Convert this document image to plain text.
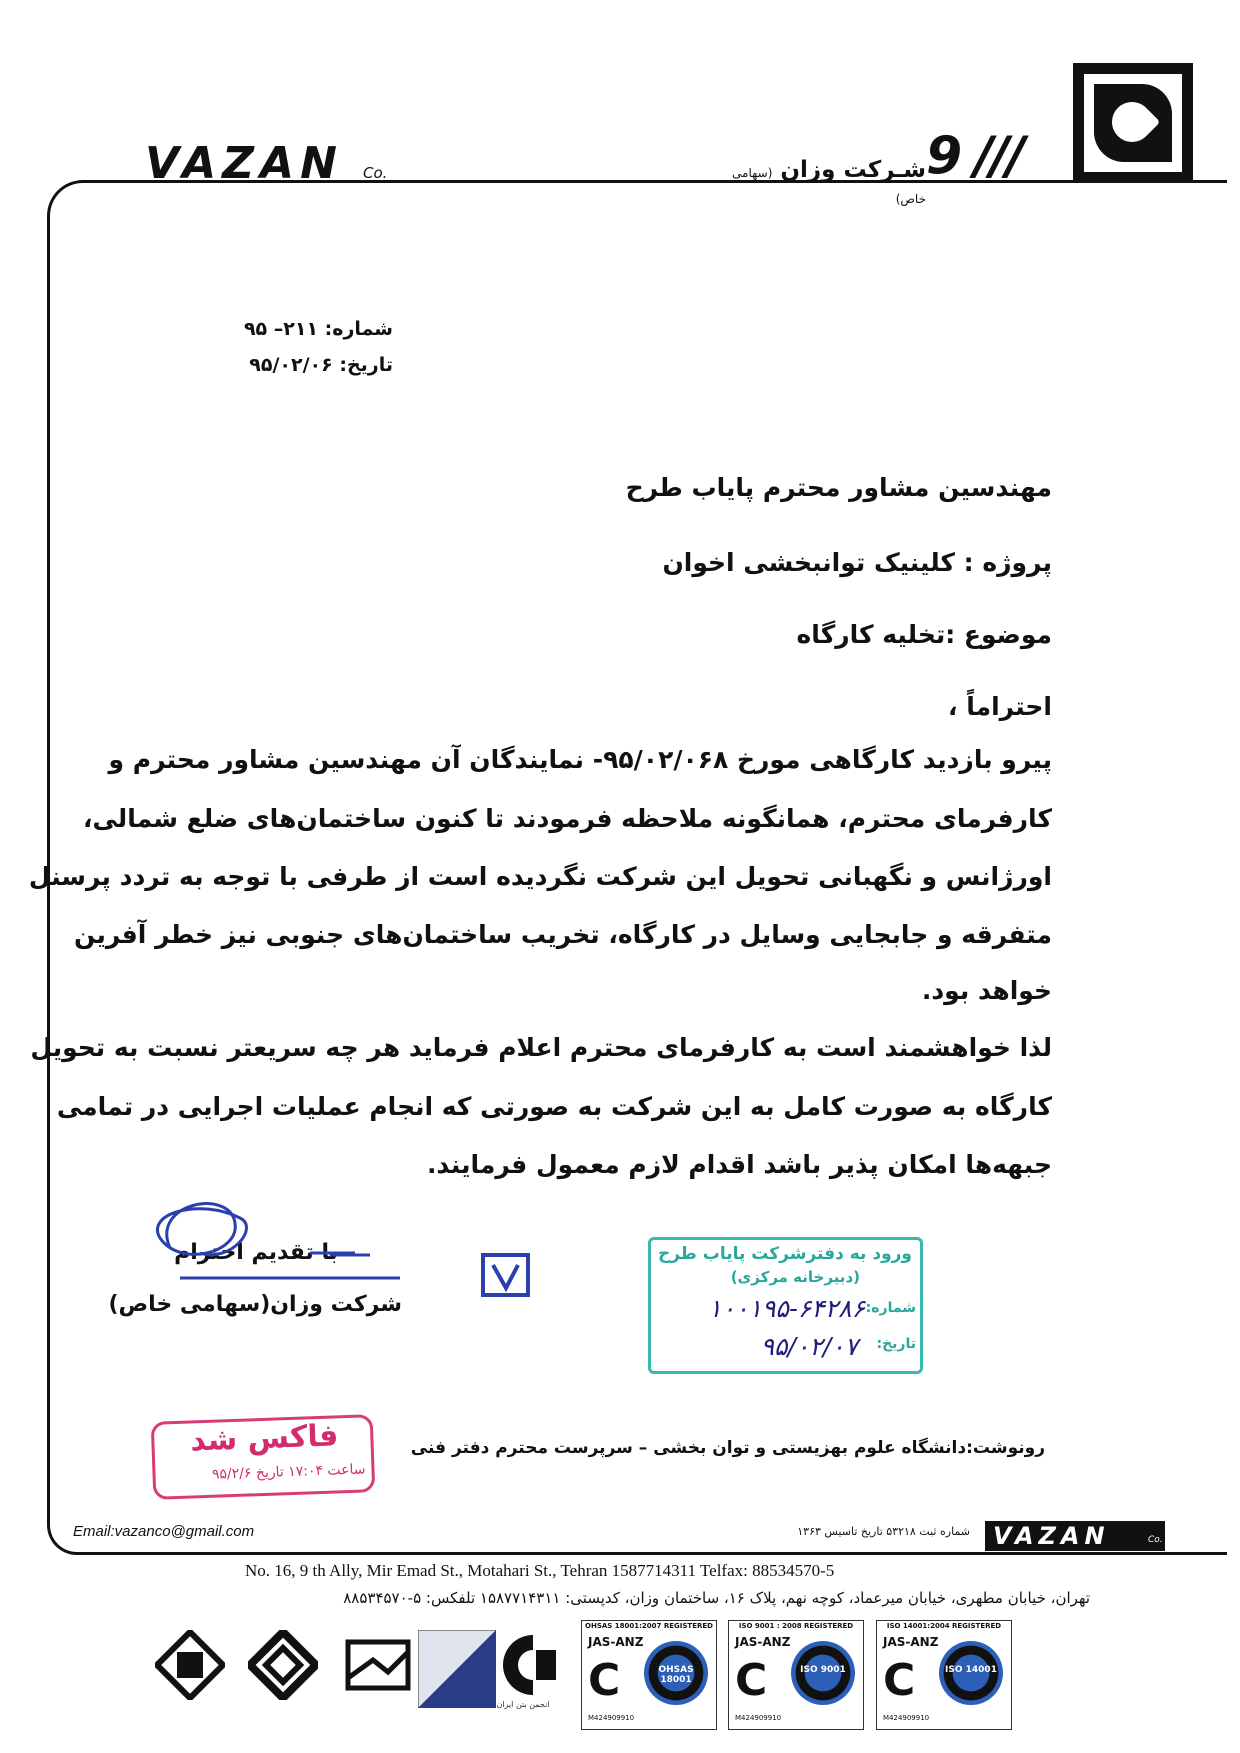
9 ///
شـرکت وزان (سهامی خاص)
VAZAN Co.
شماره: ۲۱۱– ۹۵
تاریخ: ۹۵/۰۲/۰۶
مهندسین مشاور محترم پایاب طرح
پروژه : کلینیک توانبخشی اخوان
موضوع :تخلیه کارگاه
احتراماً ،
پیرو بازدید کارگاهی مورخ ۹۵/۰۲/۰۶۸- نمایندگان آن مهندسین مشاور محترم و
کارفرمای محترم، همانگونه ملاحظه فرمودند تا کنون ساختمان‌های ضلع شمالی،
اورژانس و نگهبانی تحویل این شرکت نگردیده است از طرفی با توجه به تردد پرسنل
متفرقه و جابجایی وسایل در کارگاه، تخریب ساختمان‌های جنوبی نیز خطر آفرین
خواهد بود.
لذا خواهشمند است به کارفرمای محترم اعلام فرماید هر چه سریعتر نسبت به تحویل
کارگاه به صورت کامل به این شرکت به صورتی که انجام عملیات اجرایی در تمامی
جبهه‌ها امکان پذیر باشد اقدام لازم معمول فرمایند.
با تقدیم احترام
شرکت وزان(سهامی خاص)
ورود به دفترشرکت پایاب طرح
(دبیرخانه مرکزی)
شماره:
۱۰۰۱۹۵-۶۴۲۸۶
تاریخ:
۹۵/۰۲/۰۷
فاکس شد
ساعت ۱۷:۰۴ تاریخ ۹۵/۲/۶
رونوشت:دانشگاه علوم بهزیستی و توان بخشی – سرپرست محترم دفتر فنی
Email:vazanco@gmail.com	شماره ثبت ۵۳۲۱۸ تاریخ تاسیس ۱۳۶۳ VAZAN	Co.
No. 16, 9 th Ally, Mir Emad St., Motahari St., Tehran 1587714311 Telfax: 88534570-5
تهران، خیابان مطهری، خیابان میرعماد، کوچه نهم، پلاک ۱۶، ساختمان وزان، کدپستی: ۱۵۸۷۷۱۴۳۱۱ تلفکس: ۵-۸۸۵۳۴۵۷۰
انجمن بتن ایران
OHSAS 18001:2007 REGISTERED
JAS-ANZ
C	OHSAS 18001
M424909910
ISO 9001 : 2008 REGISTERED
JAS-ANZ
C	ISO 9001
M424909910
ISO 14001:2004 REGISTERED
JAS-ANZ
C	ISO 14001
M424909910
